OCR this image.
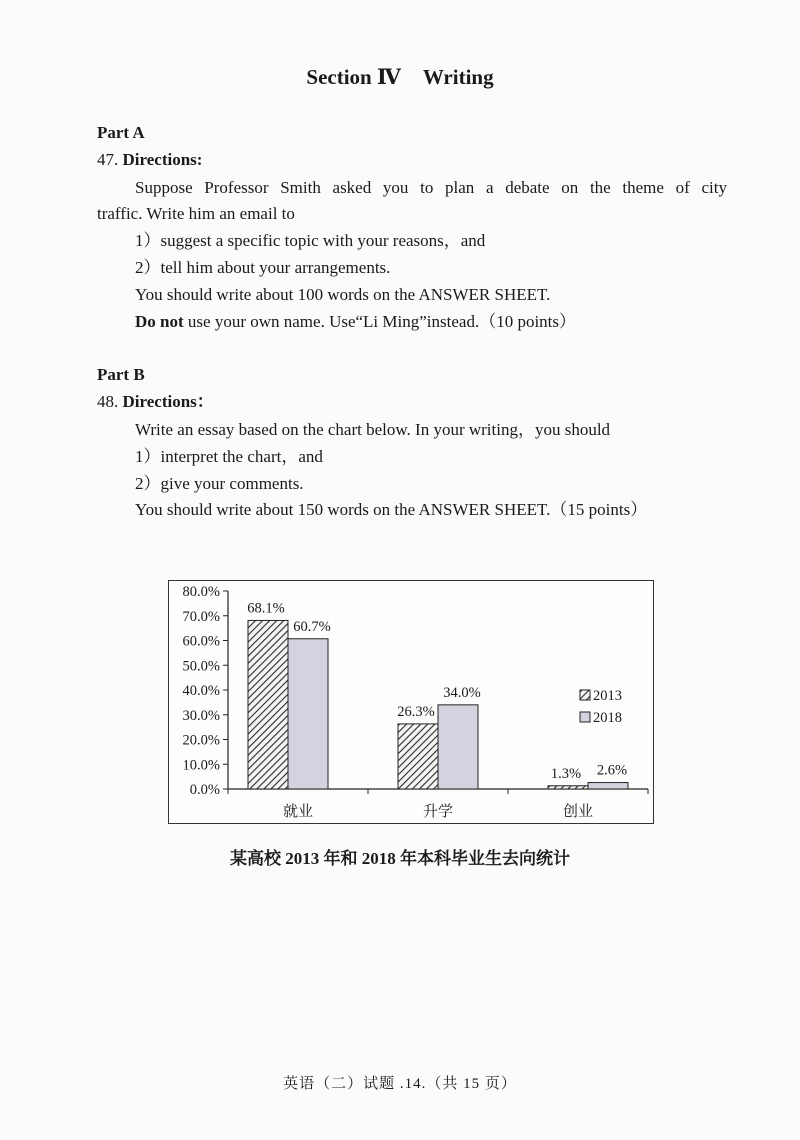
Section Ⅳ Writing
Part A
47. Directions:
Suppose Professor Smith asked you to plan a debate on the theme of city
traffic. Write him an email to
1）suggest a specific topic with your reasons，and
2）tell him about your arrangements.
You should write about 100 words on the ANSWER SHEET.
Do not use your own name. Use“Li Ming”instead.（10 points）
Part B
48. Directions：
Write an essay based on the chart below. In your writing，you should
1）interpret the chart，and
2）give your comments.
You should write about 150 words on the ANSWER SHEET.（15 points）
0.0%
10.0%
20.0%
30.0%
40.0%
50.0%
60.0%
70.0%
80.0%
68.1%
60.7%
就业
26.3%
34.0%
升学
1.3% 2.6%
创业
2013
2018
某高校 2013 年和 2018 年本科毕业生去向统计
英语（二）试题 .14.（共 15 页）
